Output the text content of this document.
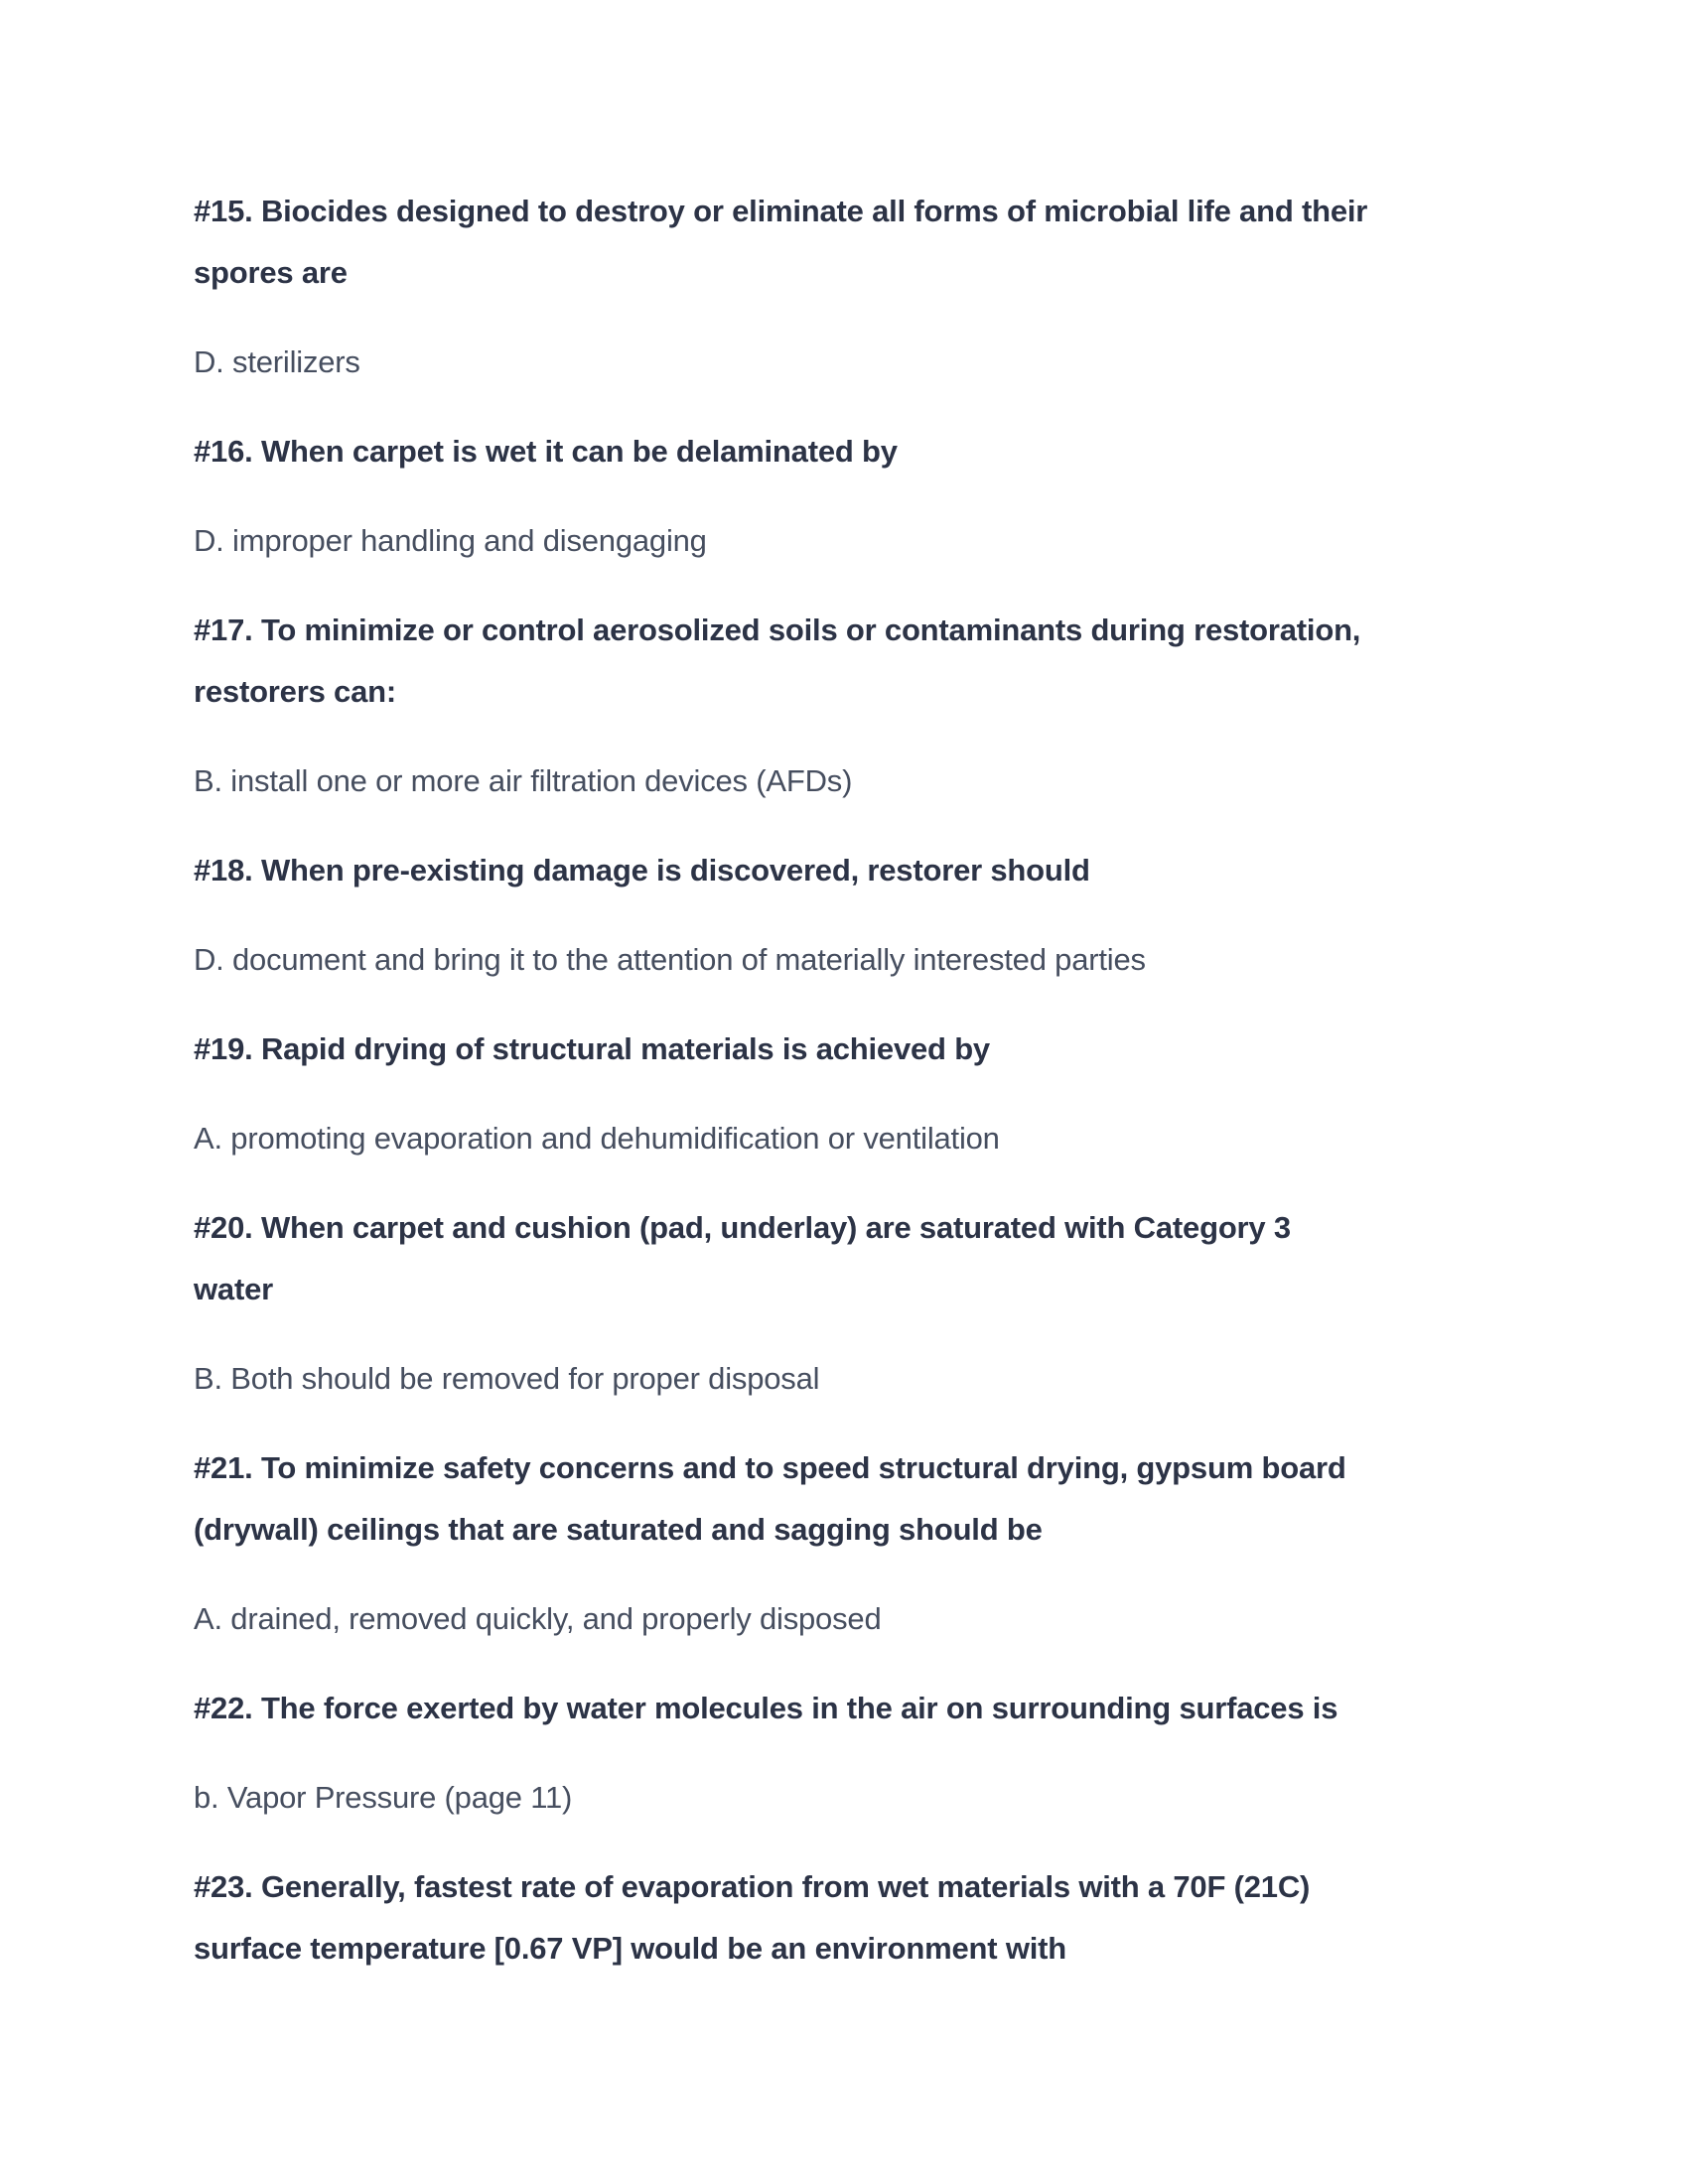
#15. Biocides designed to destroy or eliminate all forms of microbial life and their
spores are

D. sterilizers

#16. When carpet is wet it can be delaminated by

D. improper handling and disengaging

#17. To minimize or control aerosolized soils or contaminants during restoration,
restorers can:

B. install one or more air filtration devices (AFDs)

#18. When pre-existing damage is discovered, restorer should

D. document and bring it to the attention of materially interested parties

#19. Rapid drying of structural materials is achieved by

A. promoting evaporation and dehumidification or ventilation

#20. When carpet and cushion (pad, underlay) are saturated with Category 3
water

B. Both should be removed for proper disposal

#21. To minimize safety concerns and to speed structural drying, gypsum board
(drywall) ceilings that are saturated and sagging should be

A. drained, removed quickly, and properly disposed

#22. The force exerted by water molecules in the air on surrounding surfaces is

b. Vapor Pressure (page 11)

#23. Generally, fastest rate of evaporation from wet materials with a 70F (21C)
surface temperature [0.67 VP] would be an environment with
